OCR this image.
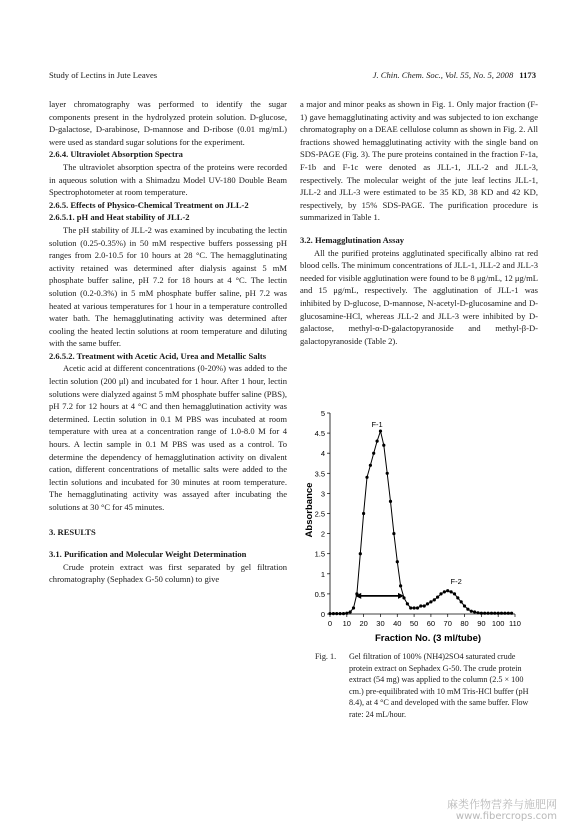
Study of Lectins in Jute Leaves	J. Chin. Chem. Soc., Vol. 55, No. 5, 2008 1173

layer chromatography was performed to identify the sugar components present in the hydrolyzed protein solution. D-glucose, D-galactose, D-arabinose, D-mannose and D-ribose (0.01 mg/mL) were used as standard sugar solutions for the experiment.

2.6.4. Ultraviolet Absorption Spectra

The ultraviolet absorption spectra of the proteins were recorded in aqueous solution with a Shimadzu Model UV-180 Double Beam Spectrophotometer at room temperature.

2.6.5. Effects of Physico-Chemical Treatment on JLL-2
2.6.5.1. pH and Heat stability of JLL-2

The pH stability of JLL-2 was examined by incubating the lectin solution (0.25-0.35%) in 50 mM respective buffers possessing pH ranges from 2.0-10.5 for 10 hours at 28 °C. The hemagglutinating activity retained was determined after dialysis against 5 mM phosphate buffer saline, pH 7.2 for 18 hours at 4 °C. The lectin solution (0.2-0.3%) in 5 mM phosphate buffer saline, pH 7.2 was heated at various temperatures for 1 hour in a temperature controlled water bath. The hemagglutinating activity was determined after cooling the heated lectin solutions at room temperature and diluting with the same buffer.

2.6.5.2. Treatment with Acetic Acid, Urea and Metallic Salts

Acetic acid at different concentrations (0-20%) was added to the lectin solution (200 μl) and incubated for 1 hour. After 1 hour, lectin solutions were dialyzed against 5 mM phosphate buffer saline (PBS), pH 7.2 for 12 hours at 4 °C and then hemagglutination activity was determined. Lectin solution in 0.1 M PBS was incubated at room temperature with urea at a concentration range of 1.0-8.0 M for 4 hours. A lectin sample in 0.1 M PBS was used as a control. To determine the dependency of hemagglutination activity on divalent cation, different concentrations of metallic salts were added to the lectin solutions and incubated for 30 minutes at room temperature. The hemagglutinating activity was assayed after incubating the solutions at 30 °C for 45 minutes.

3. RESULTS
3.1. Purification and Molecular Weight Determination

Crude protein extract was first separated by gel filtration chromatography (Sephadex G-50 column) to give

a major and minor peaks as shown in Fig. 1. Only major fraction (F-1) gave hemagglutinating activity and was subjected to ion exchange chromatography on a DEAE cellulose column as shown in Fig. 2. All fractions showed hemagglutinating activity with the single band on SDS-PAGE (Fig. 3). The pure proteins contained in the fraction F-1a, F-1b and F-1c were denoted as JLL-1, JLL-2 and JLL-3, respectively. The molecular weight of the jute leaf lectins JLL-1, JLL-2 and JLL-3 were estimated to be 35 KD, 38 KD and 42 KD, respectively, by 15% SDS-PAGE. The purification procedure is summarized in Table 1.

3.2. Hemagglutination Assay

All the purified proteins agglutinated specifically albino rat red blood cells. The minimum concentrations of JLL-1, JLL-2 and JLL-3 needed for visible agglutination were found to be 8 μg/mL, 12 μg/mL and 15 μg/mL, respectively. The agglutination of JLL-1 was inhibited by D-glucose, D-mannose, N-acetyl-D-glucosamine and D-glucosamine-HCl, whereas JLL-2 and JLL-3 were inhibited by D-galactose, methyl-α-D-galactopyranoside and methyl-β-D-galactopyranoside (Table 2).

0
0.5
1
1.5
2
2.5
3
3.5
4
4.5
5
0 10 20 30 40 50 60 70 80 90 100 110
F-1
F-2
Fraction No. (3 ml/tube)
Absorbance
Fig. 1. Gel filtration of 100% (NH4)2SO4 saturated crude protein extract on Sephadex G-50. The crude protein extract (54 mg) was applied to the column (2.5 × 100 cm.) pre-equilibrated with 10 mM Tris-HCl buffer (pH 8.4), at 4 °C and developed with the same buffer. Flow rate: 24 mL/hour.
麻类作物营养与施肥网
www.fibercrops.com
